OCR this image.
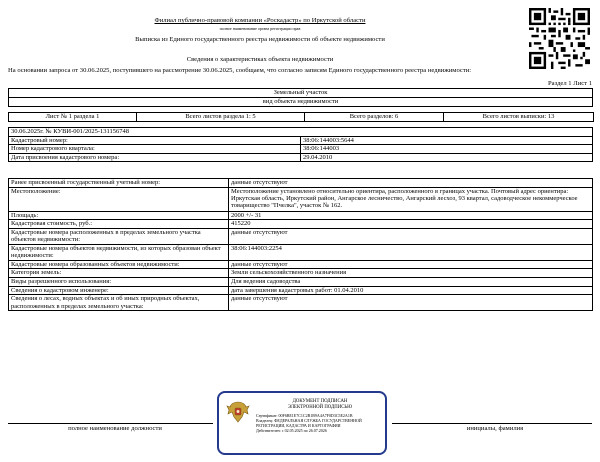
Филиал публично-правовой компании «Роскадастр» по Иркутской области
полное наименование органа регистрации прав
Выписка из Единого государственного реестра недвижимости об объекте недвижимости
Сведения о характеристиках объекта недвижимости
На основании запроса от 30.06.2025, поступившего на рассмотрение 30.06.2025, сообщаем, что согласно записям Единого государственного реестра недвижимости:
Раздел 1 Лист 1
Земельный участок
вид объекта недвижимости
Лист № 1 раздела 1	Всего листов раздела 1: 5	Всего разделов: 6	Всего листов выписки: 13
30.06.2025г. № КУВИ-001/2025-131156748	
Кадастровый номер:	38:06:144003:5644
Номер кадастрового квартала:	38:06:144003
Дата присвоения кадастрового номера:	29.04.2010
Ранее присвоенный государственный учетный номер:	данные отсутствуют
Местоположение:	Местоположение установлено относительно ориентира, расположенного в границах участка. Почтовый адрес ориентира: Иркутская область, Иркутский район, Ангарское лесничество, Ангарский лесхоз, 93 квартал, садоводческое некоммерческое товарищество "Пчелка", участок № 162.
Площадь:	2000 +/- 31
Кадастровая стоимость, руб.:	415220
Кадастровые номера расположенных в пределах земельного участка объектов недвижимости:	данные отсутствуют
Кадастровые номера объектов недвижимости, из которых образован объект недвижимости:	38:06:144003:2254
Кадастровые номера образованных объектов недвижимости:	данные отсутствуют
Категория земель:	Земли сельскохозяйственного назначения
Виды разрешенного использования:	Для ведения садоводства
Сведения о кадастровом инженере:	дата завершения кадастровых работ: 01.04.2010
Сведения о лесах, водных объектах и об иных природных объектах, расположенных в пределах земельного участка:	данные отсутствуют
полное наименование должности	инициалы, фамилия
ДОКУМЕНТ ПОДПИСАН
ЭЛЕКТРОННОЙ ПОДПИСЬЮ
Сертификат: 00F6BE1E7C1C2B1B9A4A7F0D3C5E2A1B
Владелец: ФЕДЕРАЛЬНАЯ СЛУЖБА ГОСУДАРСТВЕННОЙ
РЕГИСТРАЦИИ, КАДАСТРА И КАРТОГРАФИИ
Действителен: с 02.05.2025 по 26.07.2026
